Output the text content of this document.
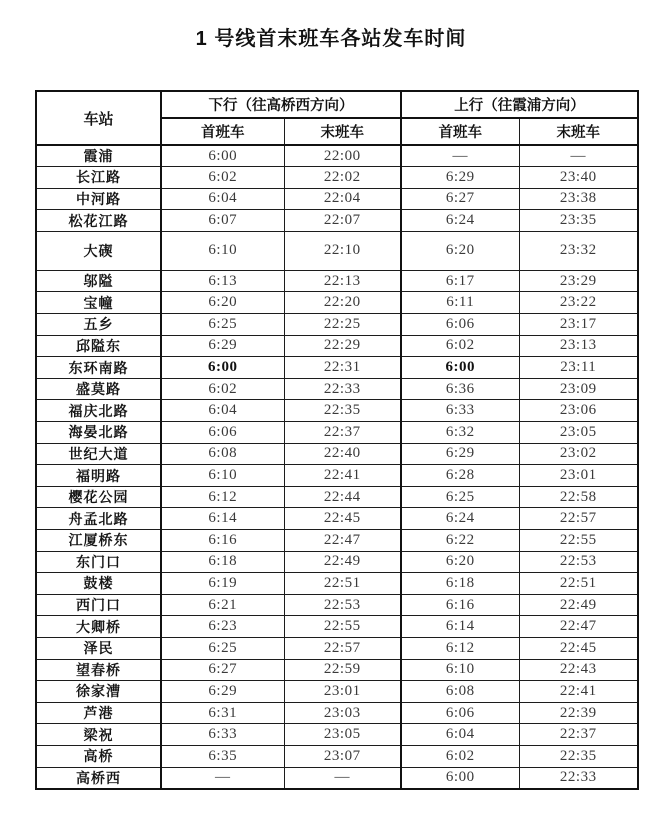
1 号线首末班车各站发车时间
车站	下行（往高桥西方向）		上行（往霞浦方向）	
	首班车	末班车	首班车	末班车
霞浦	6:00	22:00	—	—
长江路	6:02	22:02	6:29	23:40
中河路	6:04	22:04	6:27	23:38
松花江路	6:07	22:07	6:24	23:35
大碶	6:10	22:10	6:20	23:32
邬隘	6:13	22:13	6:17	23:29
宝幢	6:20	22:20	6:11	23:22
五乡	6:25	22:25	6:06	23:17
邱隘东	6:29	22:29	6:02	23:13
东环南路	6:00	22:31	6:00	23:11
盛莫路	6:02	22:33	6:36	23:09
福庆北路	6:04	22:35	6:33	23:06
海晏北路	6:06	22:37	6:32	23:05
世纪大道	6:08	22:40	6:29	23:02
福明路	6:10	22:41	6:28	23:01
樱花公园	6:12	22:44	6:25	22:58
舟孟北路	6:14	22:45	6:24	22:57
江厦桥东	6:16	22:47	6:22	22:55
东门口	6:18	22:49	6:20	22:53
鼓楼	6:19	22:51	6:18	22:51
西门口	6:21	22:53	6:16	22:49
大卿桥	6:23	22:55	6:14	22:47
泽民	6:25	22:57	6:12	22:45
望春桥	6:27	22:59	6:10	22:43
徐家漕	6:29	23:01	6:08	22:41
芦港	6:31	23:03	6:06	22:39
梁祝	6:33	23:05	6:04	22:37
高桥	6:35	23:07	6:02	22:35
高桥西	—	—	6:00	22:33
